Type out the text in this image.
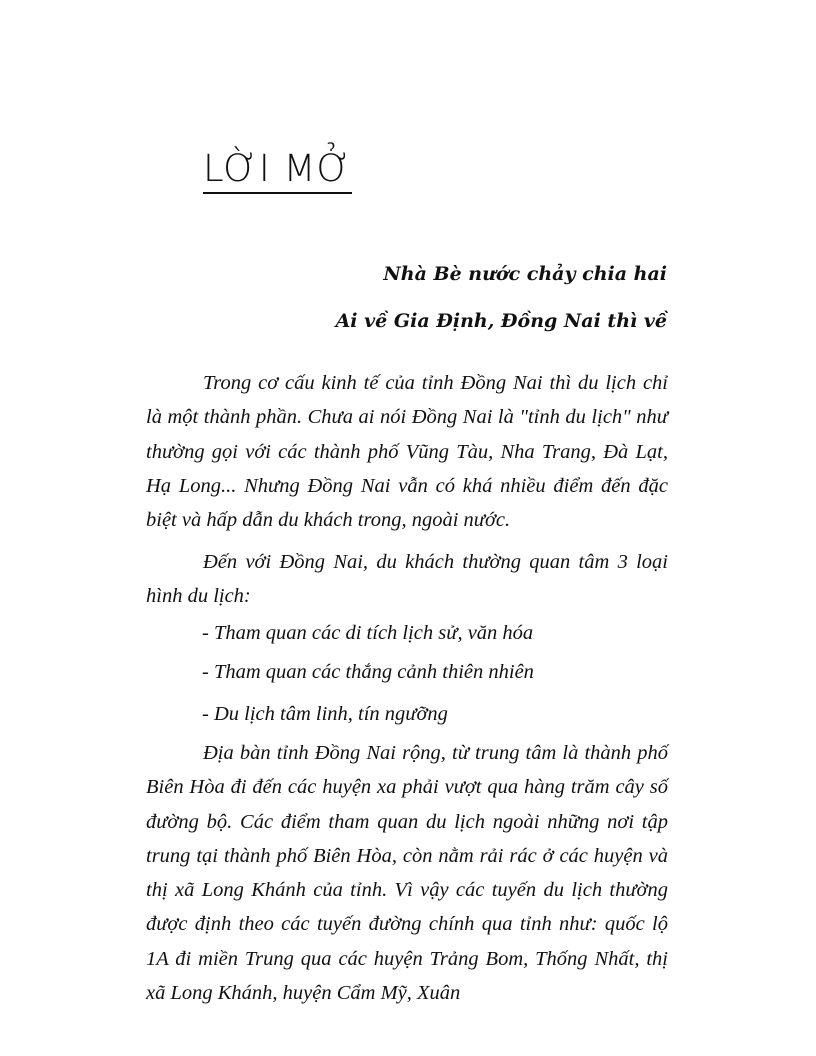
LỜI MỞ
Nhà Bè nước chảy chia hai
Ai về Gia Định, Đồng Nai thì về
Trong cơ cấu kinh tế của tỉnh Đồng Nai thì du lịch chỉ là một thành phần. Chưa ai nói Đồng Nai là "tỉnh du lịch" như thường gọi với các thành phố Vũng Tàu, Nha Trang, Đà Lạt, Hạ Long... Nhưng Đồng Nai vẫn có khá nhiều điểm đến đặc biệt và hấp dẫn du khách trong, ngoài nước.
Đến với Đồng Nai, du khách thường quan tâm 3 loại hình du lịch:
- Tham quan các di tích lịch sử, văn hóa
- Tham quan các thắng cảnh thiên nhiên
- Du lịch tâm linh, tín ngưỡng
Địa bàn tỉnh Đồng Nai rộng, từ trung tâm là thành phố Biên Hòa đi đến các huyện xa phải vượt qua hàng trăm cây số đường bộ. Các điểm tham quan du lịch ngoài những nơi tập trung tại thành phố Biên Hòa, còn nằm rải rác ở các huyện và thị xã Long Khánh của tỉnh. Vì vậy các tuyến du lịch thường được định theo các tuyến đường chính qua tỉnh như: quốc lộ 1A đi miền Trung qua các huyện Trảng Bom, Thống Nhất, thị xã Long Khánh, huyện Cẩm Mỹ, Xuân
